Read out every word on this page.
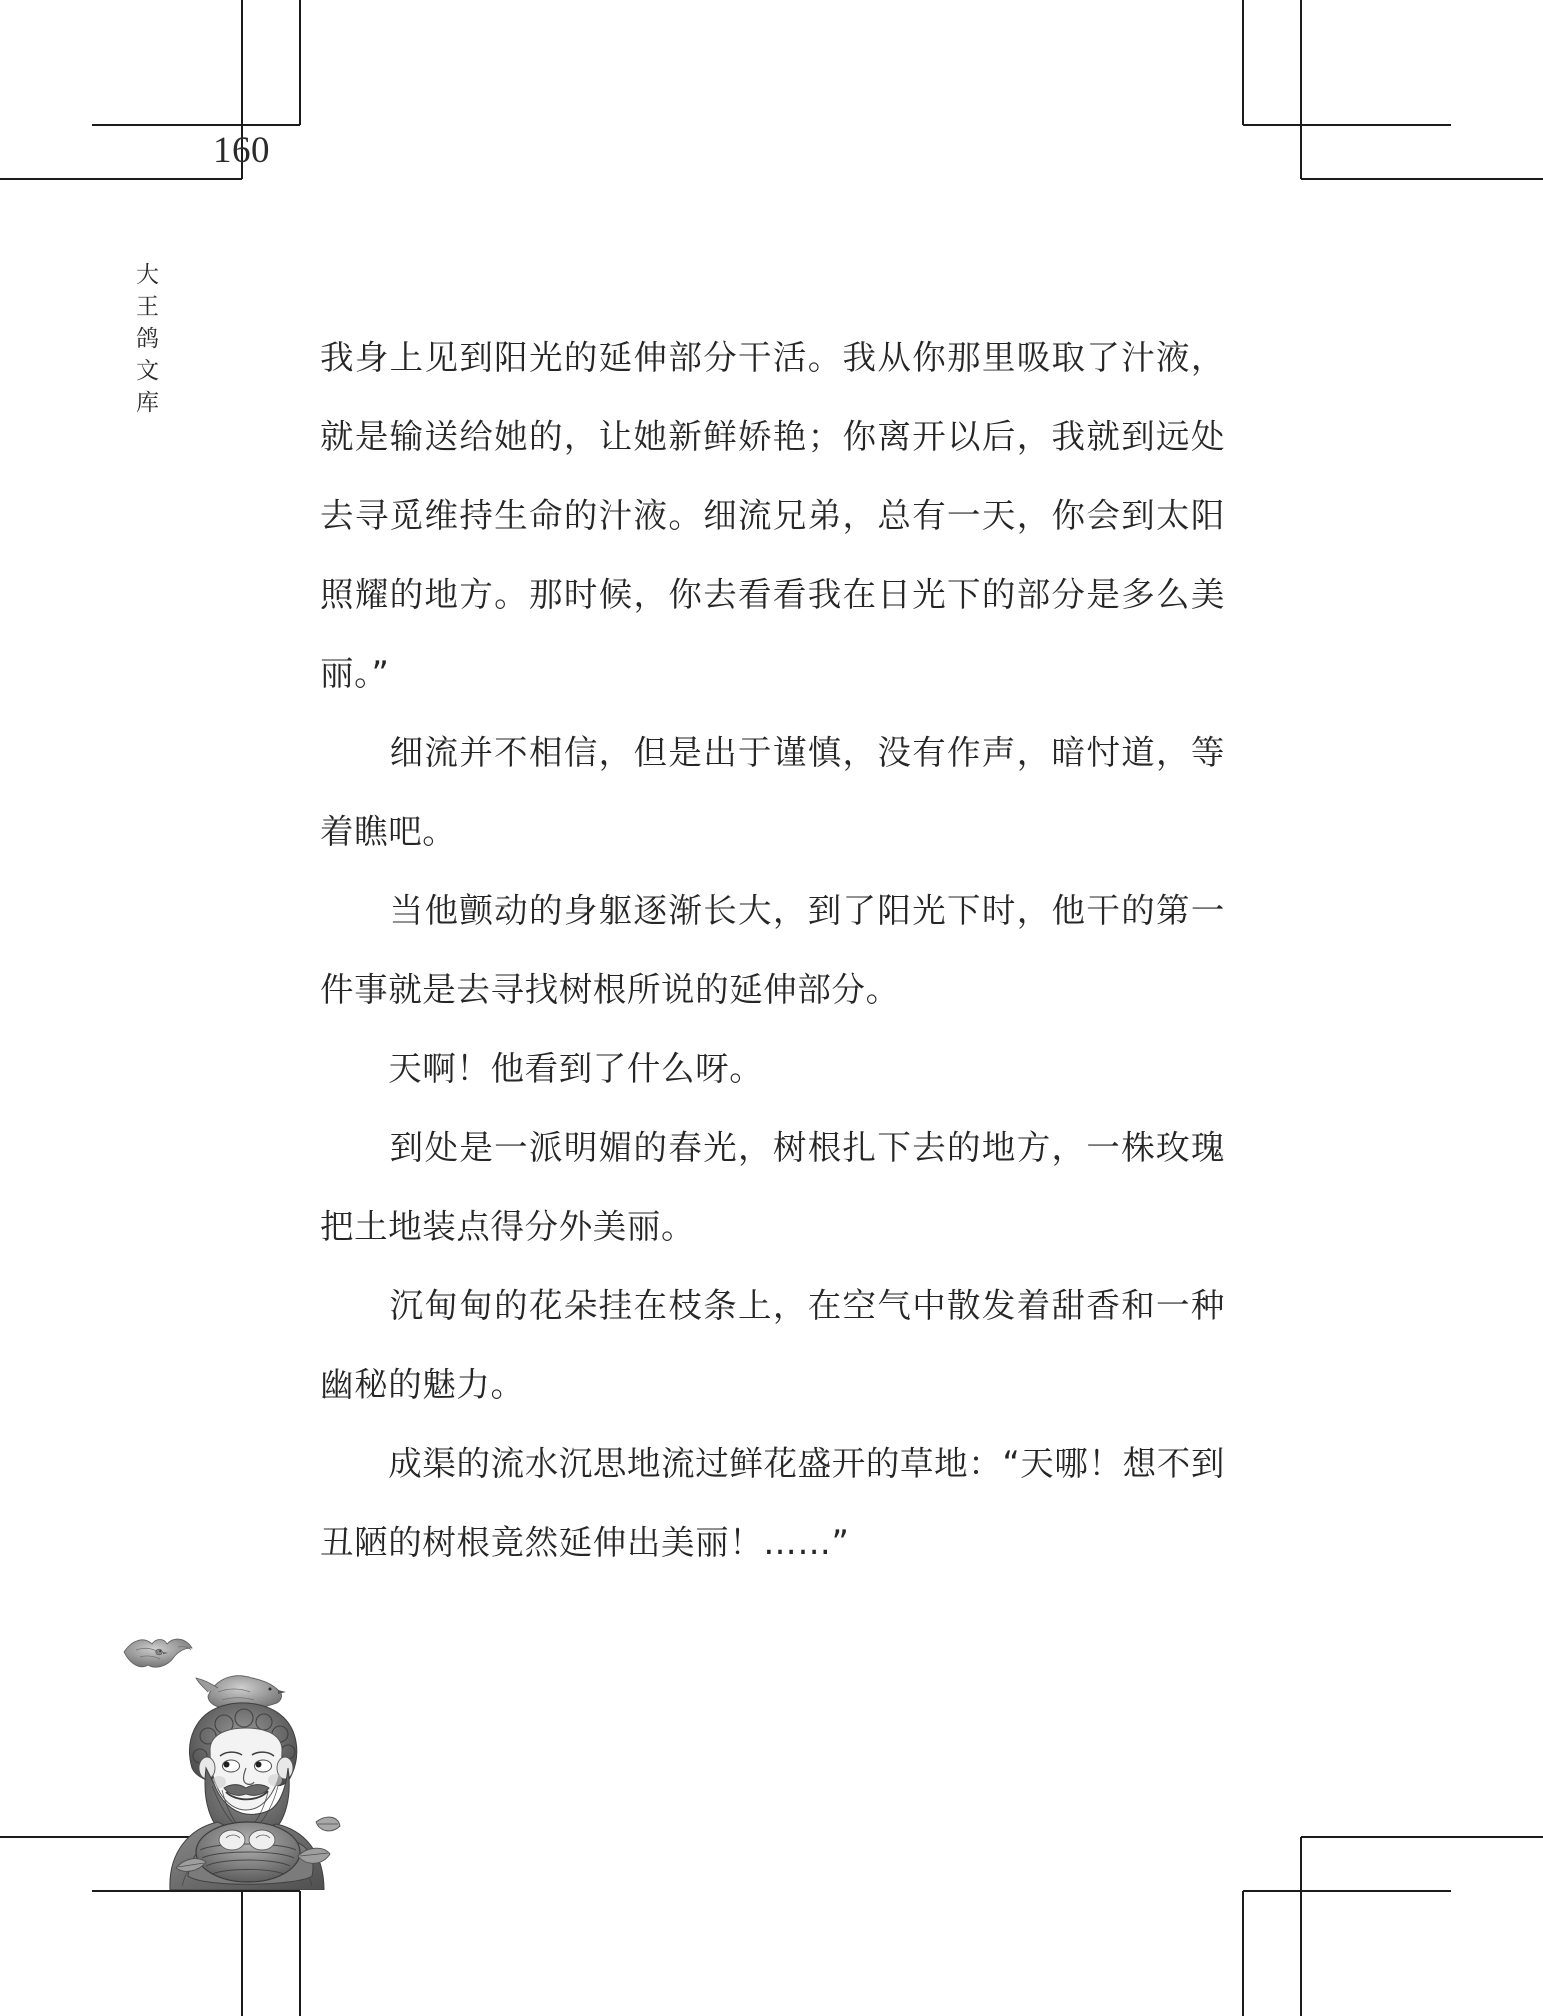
160
大王鸽文库	我身上见到阳光的延伸部分干活。我从你那里吸取了汁液，就是输送给她的，让她新鲜娇艳；你离开以后，我就到远处去寻觅维持生命的汁液。细流兄弟，总有一天，你会到太阳照耀的地方。那时候，你去看看我在日光下的部分是多么美丽。”

　　细流并不相信，但是出于谨慎，没有作声，暗忖道，等着瞧吧。

　　当他颤动的身躯逐渐长大，到了阳光下时，他干的第一件事就是去寻找树根所说的延伸部分。

　　天啊！他看到了什么呀。

　　到处是一派明媚的春光，树根扎下去的地方，一株玫瑰把土地装点得分外美丽。

　　沉甸甸的花朵挂在枝条上，在空气中散发着甜香和一种幽秘的魅力。

　　成渠的流水沉思地流过鲜花盛开的草地：“天哪！想不到丑陋的树根竟然延伸出美丽！……”
